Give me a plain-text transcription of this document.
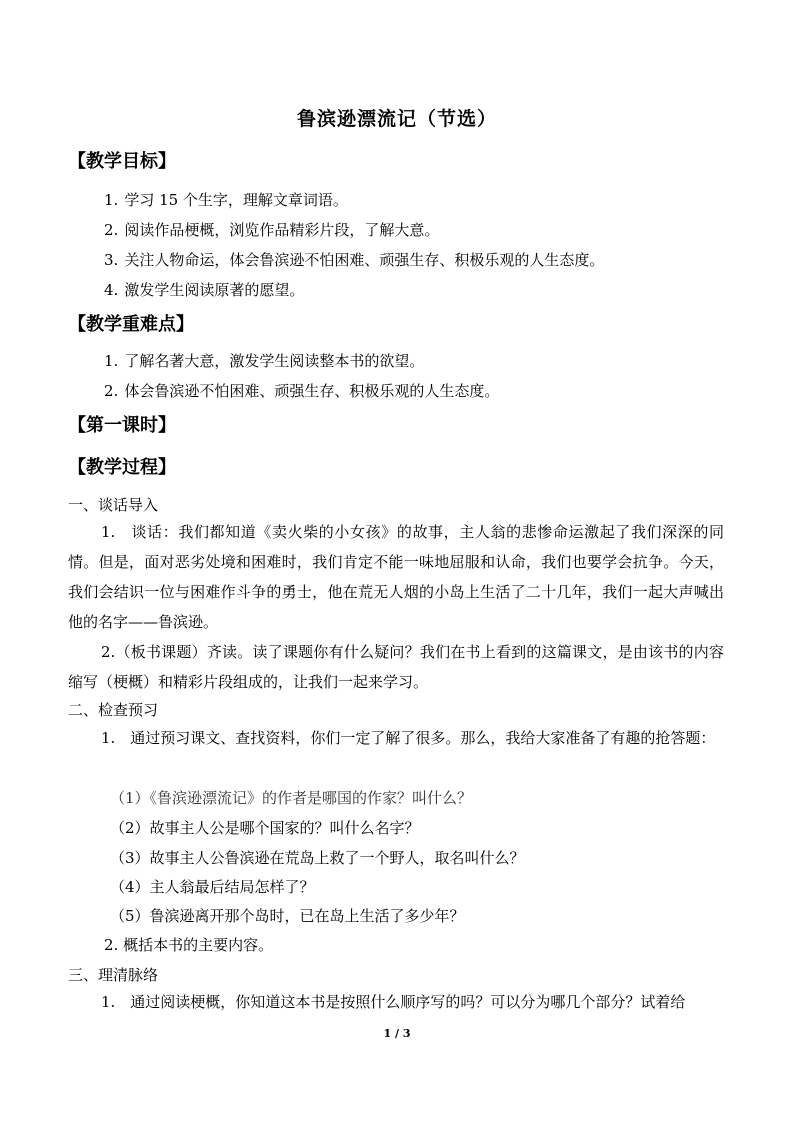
鲁滨逊漂流记（节选）
【教学目标】
1. 学习 15 个生字，理解文章词语。
2. 阅读作品梗概，浏览作品精彩片段，了解大意。
3. 关注人物命运，体会鲁滨逊不怕困难、顽强生存、积极乐观的人生态度。
4. 激发学生阅读原著的愿望。
【教学重难点】
1. 了解名著大意，激发学生阅读整本书的欲望。
2. 体会鲁滨逊不怕困难、顽强生存、积极乐观的人生态度。
【第一课时】
【教学过程】
一、谈话导入
1.　谈话：我们都知道《卖火柴的小女孩》的故事，主人翁的悲惨命运激起了我们深深的同情。但是，面对恶劣处境和困难时，我们肯定不能一味地屈服和认命，我们也要学会抗争。今天，我们会结识一位与困难作斗争的勇士，他在荒无人烟的小岛上生活了二十几年，我们一起大声喊出他的名字——鲁滨逊。
2.（板书课题）齐读。读了课题你有什么疑问？我们在书上看到的这篇课文，是由该书的内容缩写（梗概）和精彩片段组成的，让我们一起来学习。
二、检查预习
1.　通过预习课文、查找资料，你们一定了解了很多。那么，我给大家准备了有趣的抢答题：
（1）《鲁滨逊漂流记》的作者是哪国的作家？叫什么？
（2）故事主人公是哪个国家的？叫什么名字？
（3）故事主人公鲁滨逊在荒岛上救了一个野人，取名叫什么？
（4）主人翁最后结局怎样了？
（5）鲁滨逊离开那个岛时，已在岛上生活了多少年？
2. 概括本书的主要内容。
三、理清脉络
1.　通过阅读梗概，你知道这本书是按照什么顺序写的吗？可以分为哪几个部分？试着给
1 / 3
